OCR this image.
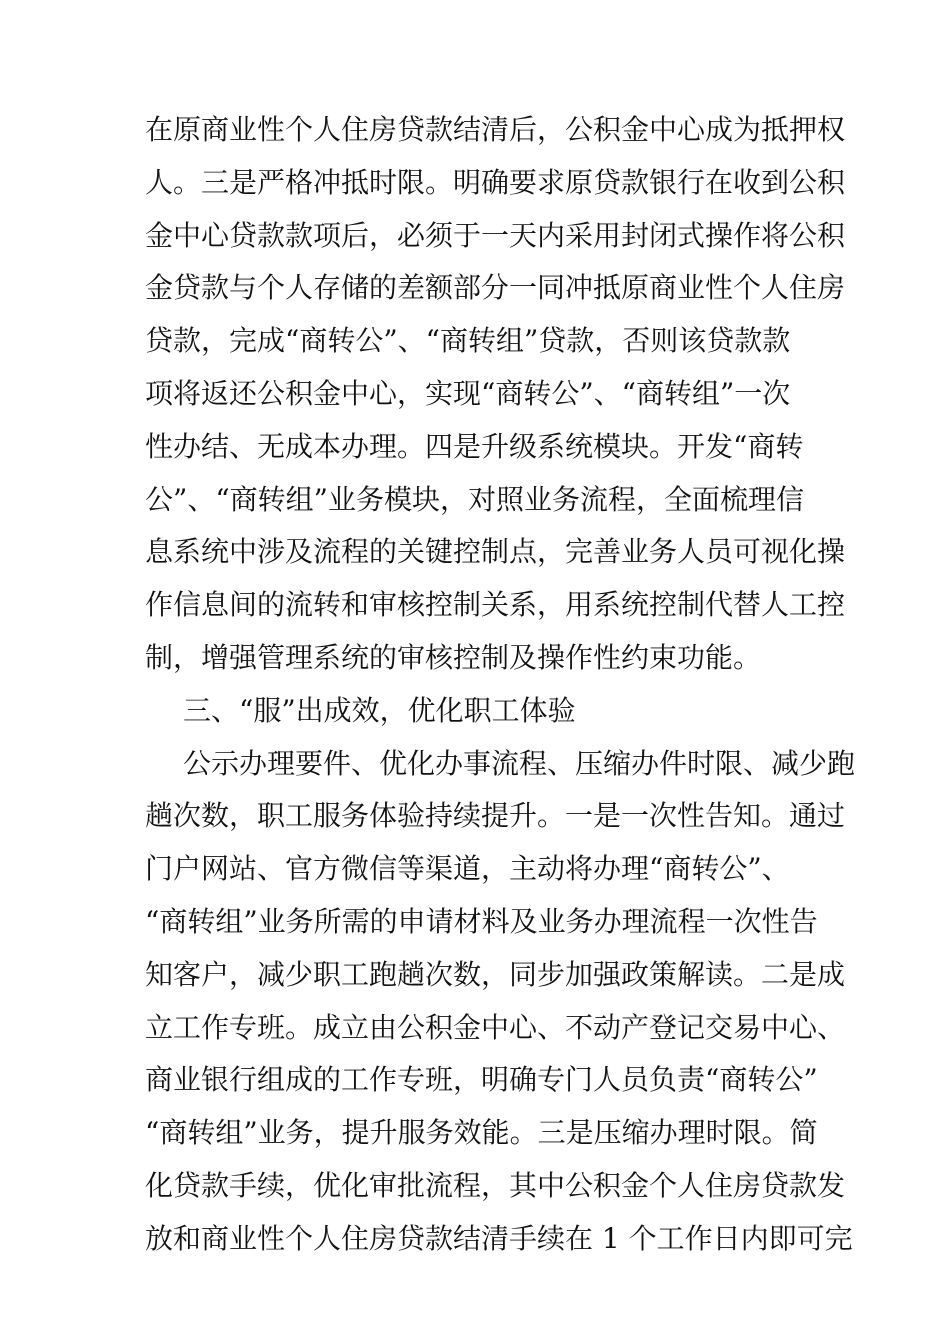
在原商业性个人住房贷款结清后，公积金中心成为抵押权
人。三是严格冲抵时限。明确要求原贷款银行在收到公积
金中心贷款款项后，必须于一天内采用封闭式操作将公积
金贷款与个人存储的差额部分一同冲抵原商业性个人住房
贷款，完成“商转公”、“商转组”贷款，否则该贷款款
项将返还公积金中心，实现“商转公”、“商转组”一次
性办结、无成本办理。四是升级系统模块。开发“商转
公”、“商转组”业务模块，对照业务流程，全面梳理信
息系统中涉及流程的关键控制点，完善业务人员可视化操
作信息间的流转和审核控制关系，用系统控制代替人工控
制，增强管理系统的审核控制及操作性约束功能。
三、“服”出成效，优化职工体验
公示办理要件、优化办事流程、压缩办件时限、减少跑
趟次数，职工服务体验持续提升。一是一次性告知。通过
门户网站、官方微信等渠道，主动将办理“商转公”、
“商转组”业务所需的申请材料及业务办理流程一次性告
知客户，减少职工跑趟次数，同步加强政策解读。二是成
立工作专班。成立由公积金中心、不动产登记交易中心、
商业银行组成的工作专班，明确专门人员负责“商转公”
“商转组”业务，提升服务效能。三是压缩办理时限。简
化贷款手续，优化审批流程，其中公积金个人住房贷款发
放和商业性个人住房贷款结清手续在 1 个工作日内即可完
